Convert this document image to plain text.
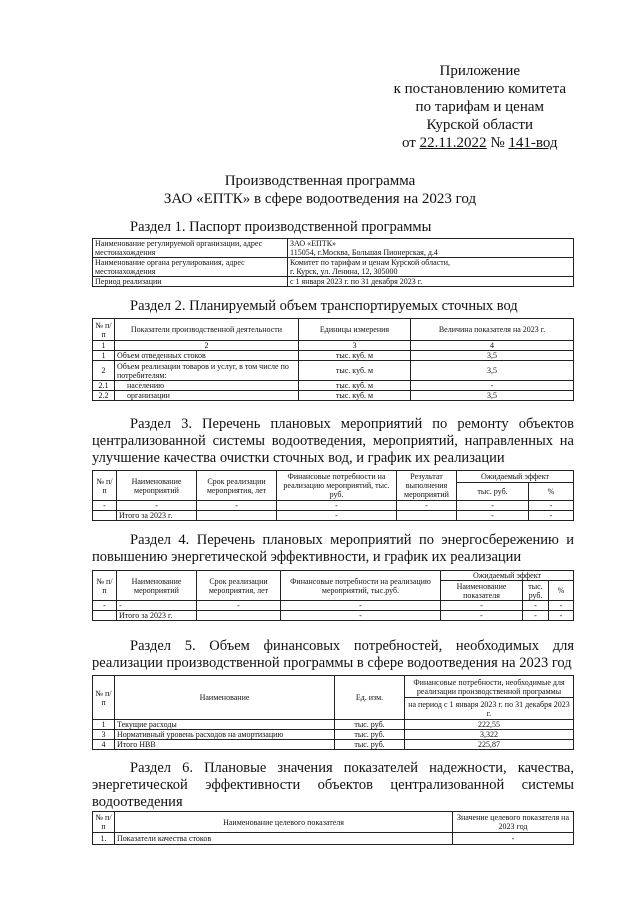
Приложение
к постановлению комитета
по тарифам и ценам
Курской области
от 22.11.2022 № 141-вод
Производственная программа
ЗАО «ЕПТК» в сфере водоотведения на 2023 год
Раздел 1. Паспорт производственной программы
Наименование регулируемой организации, адрес местонахождения	ЗАО «ЕПТК»
115054, г.Москва, Большая Пионерская, д.4

Наименование органа регулирования, адрес местонахождения	Комитет по тарифам и ценам Курской области,
г. Курск, ул. Ленина, 12, 305000

Период реализации	с 1 января 2023 г. по 31 декабря 2023 г.
Раздел 2. Планируемый объем транспортируемых сточных вод
№ п/п	Показатели производственной деятельности	Единицы измерения	Величина показателя на 2023 г.
1	2	3	4
1	Объем отведенных стоков	тыс. куб. м	3,5
2	Объем реализации товаров и услуг, в том числе по потребителям:	тыс. куб. м	3,5
2.1	населению	тыс. куб. м	-
2.2	организации	тыс. куб. м	3,5
Раздел 3. Перечень плановых мероприятий по ремонту объектов централизованной системы водоотведения, мероприятий, направленных на улучшение качества очистки сточных вод, и график их реализации
№ п/п	Наименование мероприятий	Срок реализации мероприятия, лет	Финансовые потребности на реализацию мероприятий, тыс. руб.	Результат выполнения мероприятий	Ожидаемый эффект	
					тыс. руб.	%
-	-	-	-	-	-	-
	Итого за 2023 г.		-		-	-
Раздел 4. Перечень плановых мероприятий по энергосбережению и повышению энергетической эффективности, и график их реализации
№ п/п	Наименование мероприятий	Срок реализации мероприятия, лет	Финансовые потребности на реализацию мероприятий, тыс.руб.	Ожидаемый эффект		
				Наименование показателя	тыс. руб.	%
-	-	-	-	-	-	-
	Итого за 2023 г.		-	-	-	-
Раздел 5. Объем финансовых потребностей, необходимых для реализации производственной программы в сфере водоотведения на 2023 год
№ п/п	Наименование	Ед. изм.	Финансовые потребности, необходимые для реализации производственной программы
			на период с 1 января 2023 г. по 31 декабря 2023 г.
1	Текущие расходы	тыс. руб.	222,55
3	Нормативный уровень расходов на амортизацию	тыс. руб.	3,322
4	Итого НВВ	тыс. руб.	225,87
Раздел 6. Плановые значения показателей надежности, качества, энергетической эффективности объектов централизованной системы водоотведения
№ п/п	Наименование целевого показателя	Значение целевого показателя на 2023 год
1.	Показатели качества стоков	-
